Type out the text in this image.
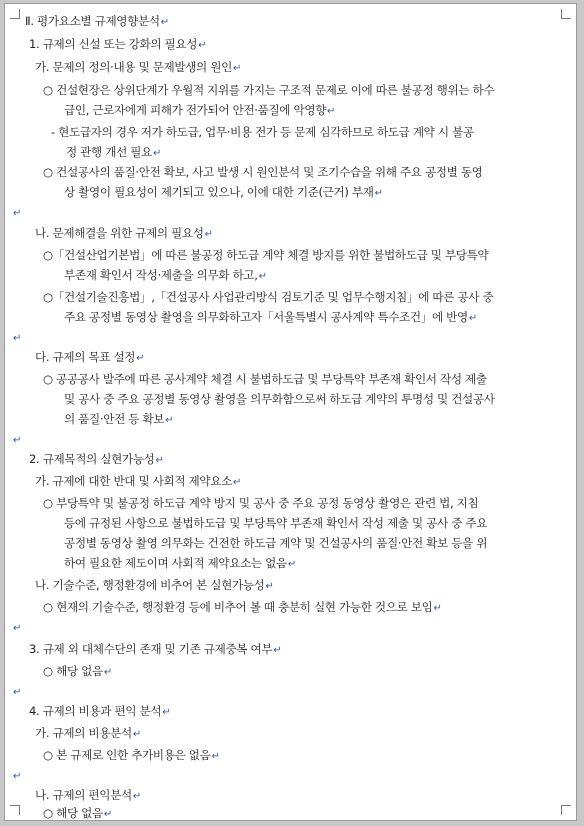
Ⅱ. 평가요소별 규제영향분석↵
1. 규제의 신설 또는 강화의 필요성↵
가. 문제의 정의·내용 및 문제발생의 원인↵
○ 건설현장은 상위단계가 우월적 지위를 가지는 구조적 문제로 이에 따른 불공정 행위는 하수
급인, 근로자에게 피해가 전가되어 안전·품질에 악영향↵
- 현도급자의 경우 저가 하도급, 업무·비용 전가 등 문제 심각하므로 하도급 계약 시 불공
정 관행 개선 필요↵
○ 건설공사의 품질·안전 확보, 사고 발생 시 원인분석 및 조기수습을 위해 주요 공정별 동영
상 촬영이 필요성이 제기되고 있으나, 이에 대한 기준(근거) 부재↵
↵
나. 문제해결을 위한 규제의 필요성↵
○「건설산업기본법」에 따른 불공정 하도급 계약 체결 방지를 위한 불법하도급 및 부당특약
부존재 확인서 작성·제출을 의무화 하고,↵
○「건설기술진흥법」,「건설공사 사업관리방식 검토기준 및 업무수행지침」에 따른 공사 중
주요 공정별 동영상 촬영을 의무화하고자「서울특별시 공사계약 특수조건」에 반영↵
↵
다. 규제의 목표 설정↵
○ 공공공사 발주에 따른 공사계약 체결 시 불법하도급 및 부당특약 부존재 확인서 작성 제출
및 공사 중 주요 공정별 동영상 촬영을 의무화함으로써 하도급 계약의 투명성 및 건설공사
의 품질·안전 등 확보↵
↵
2. 규제목적의 실현가능성↵
가. 규제에 대한 반대 및 사회적 제약요소↵
○ 부당특약 및 불공정 하도급 계약 방지 및 공사 중 주요 공정 동영상 촬영은 관련 법, 지침
등에 규정된 사항으로 불법하도급 및 부당특약 부존재 확인서 작성 제출 및 공사 중 주요
공정별 동영상 촬영 의무화는 건전한 하도급 계약 및 건설공사의 품질·안전 확보 등을 위
하여 필요한 제도이며 사회적 제약요소는 없음↵
나. 기술수준, 행정환경에 비추어 본 실현가능성↵
○ 현재의 기술수준, 행정환경 등에 비추어 볼 때 충분히 실현 가능한 것으로 보임↵
↵
3. 규제 외 대체수단의 존재 및 기존 규제중복 여부↵
○ 해당 없음↵
↵
4. 규제의 비용과 편익 분석↵
가. 규제의 비용분석↵
○ 본 규제로 인한 추가비용은 없음↵
↵
나. 규제의 편익분석↵
○ 해당 없음↵
